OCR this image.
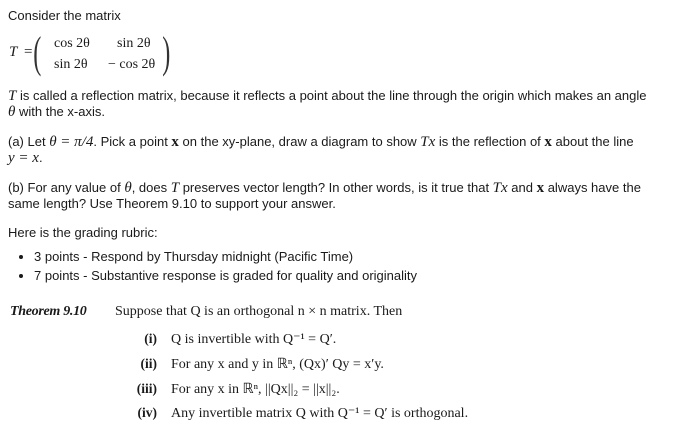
Consider the matrix
T = ( cos 2θ sin 2θ
sin 2θ − cos 2θ )
T is called a reflection matrix, because it reflects a point about the line through the origin which makes an angle
θ with the x-axis.
(a) Let θ = π/4. Pick a point x on the xy-plane, draw a diagram to show Tx is the reflection of x about the line
y = x.
(b) For any value of θ, does T preserves vector length? In other words, is it true that Tx and x always have the
same length? Use Theorem 9.10 to support your answer.
Here is the grading rubric:
• 3 points - Respond by Thursday midnight (Pacific Time)
• 7 points - Substantive response is graded for quality and originality
Theorem 9.10 Suppose that Q is an orthogonal n × n matrix. Then
(i) Q is invertible with Q⁻¹ = Q′.
(ii) For any x and y in ℝⁿ, (Qx)′ Qy = x′y.
(iii) For any x in ℝⁿ, ||Qx||₂ = ||x||₂.
(iv) Any invertible matrix Q with Q⁻¹ = Q′ is orthogonal.
